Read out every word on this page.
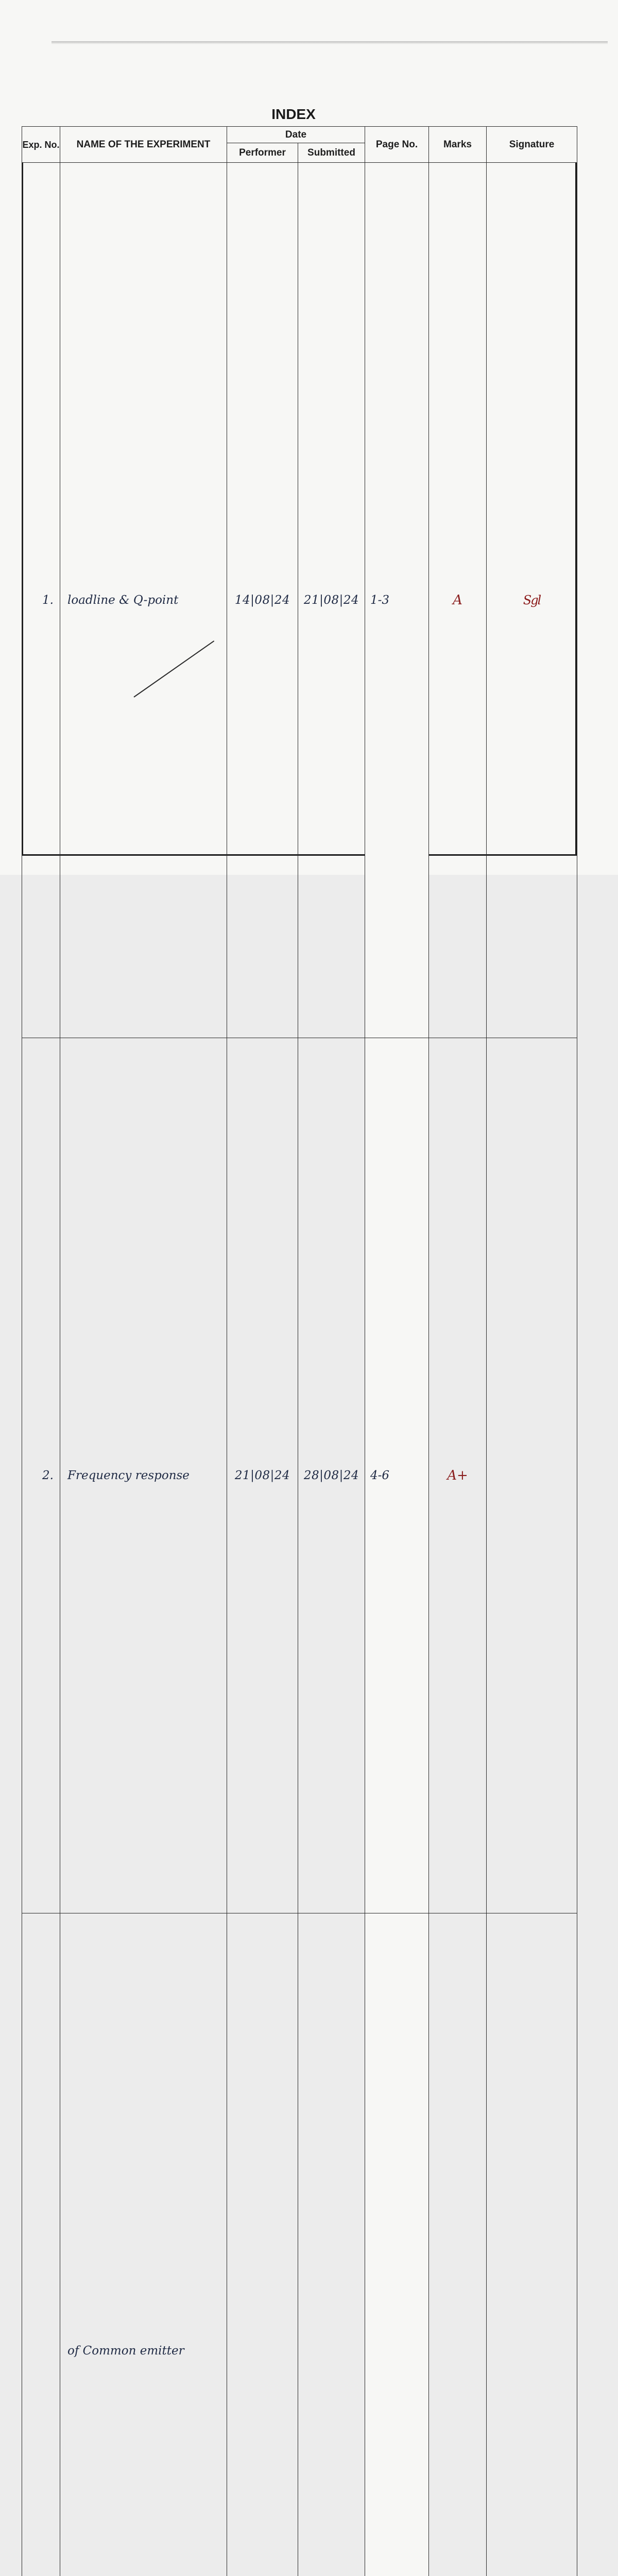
INDEX
Exp. No.	NAME OF THE EXPERIMENT	Date		Page No.	Marks	Signature
		Performer	Submitted			
1.	loadline & Q-point	14|08|24	21|08|24	1-3	A	Sgl
2.	Frequency response	21|08|24	28|08|24	4-6	A+	
	of Common emitter					
